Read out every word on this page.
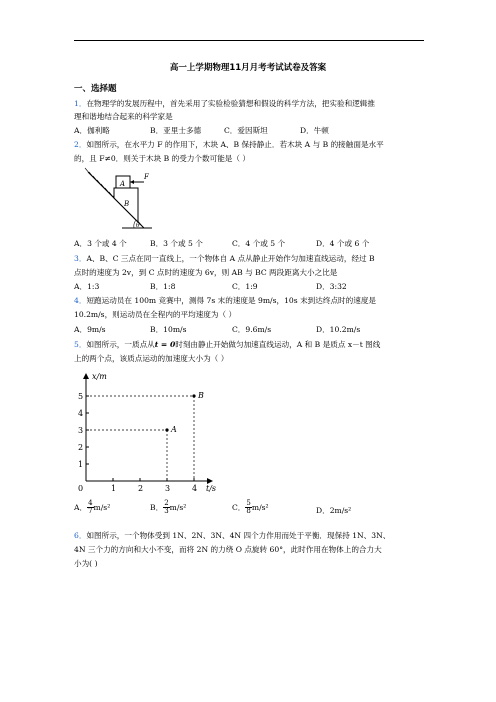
高一上学期物理11月月考考试试卷及答案
一、选择题
1．在物理学的发展历程中，首先采用了实验检验猜想和假设的科学方法，把实验和逻辑推
理和谐地结合起来的科学家是
A．伽利略	B．亚里士多德	C．爱因斯坦	D．牛顿
2．如图所示，在水平力 F 的作用下，木块 A、B 保持静止．若木块 A 与 B 的接触面是水平
的，且 F≠0．则关于木块 B 的受力个数可能是（ ）
F
A
B
θ
A．3 个或 4 个	B．3 个或 5 个	C．4 个或 5 个	D．4 个或 6 个
3．A、B、C 三点在同一直线上，一个物体自 A 点从静止开始作匀加速直线运动，经过 B
点时的速度为 2v，到 C 点时的速度为 6v，则 AB 与 BC 两段距离大小之比是
A．1:3	B．1:8	C．1:9	D．3:32
4．短跑运动员在 100m 竞赛中，测得 7s 末的速度是 9m/s，10s 末到达终点时的速度是
10.2m/s，则运动员在全程内的平均速度为（ ）
A．9m/s	B．10m/s	C．9.6m/s	D．10.2m/s
5．如图所示，一质点从t = 0时刻由静止开始做匀加速直线运动，A 和 B 是质点 x－t 图线
上的两个点，该质点运动的加速度大小为（ ）
x/m
t/s
0	1	2	3	4
1
2
3
4
5
A
B
A． $\frac{4}{7} m/s^2$	B． $\frac{2}{3} m/s^2$	C． $\frac{5}{8} m/s^2$	D．2m/s²
6．如图所示，一个物体受到 1N、2N、3N、4N 四个力作用而处于平衡．现保持 1N、3N、
4N 三个力的方向和大小不变，而将 2N 的力绕 O 点旋转 60°，此时作用在物体上的合力大
小为( )
